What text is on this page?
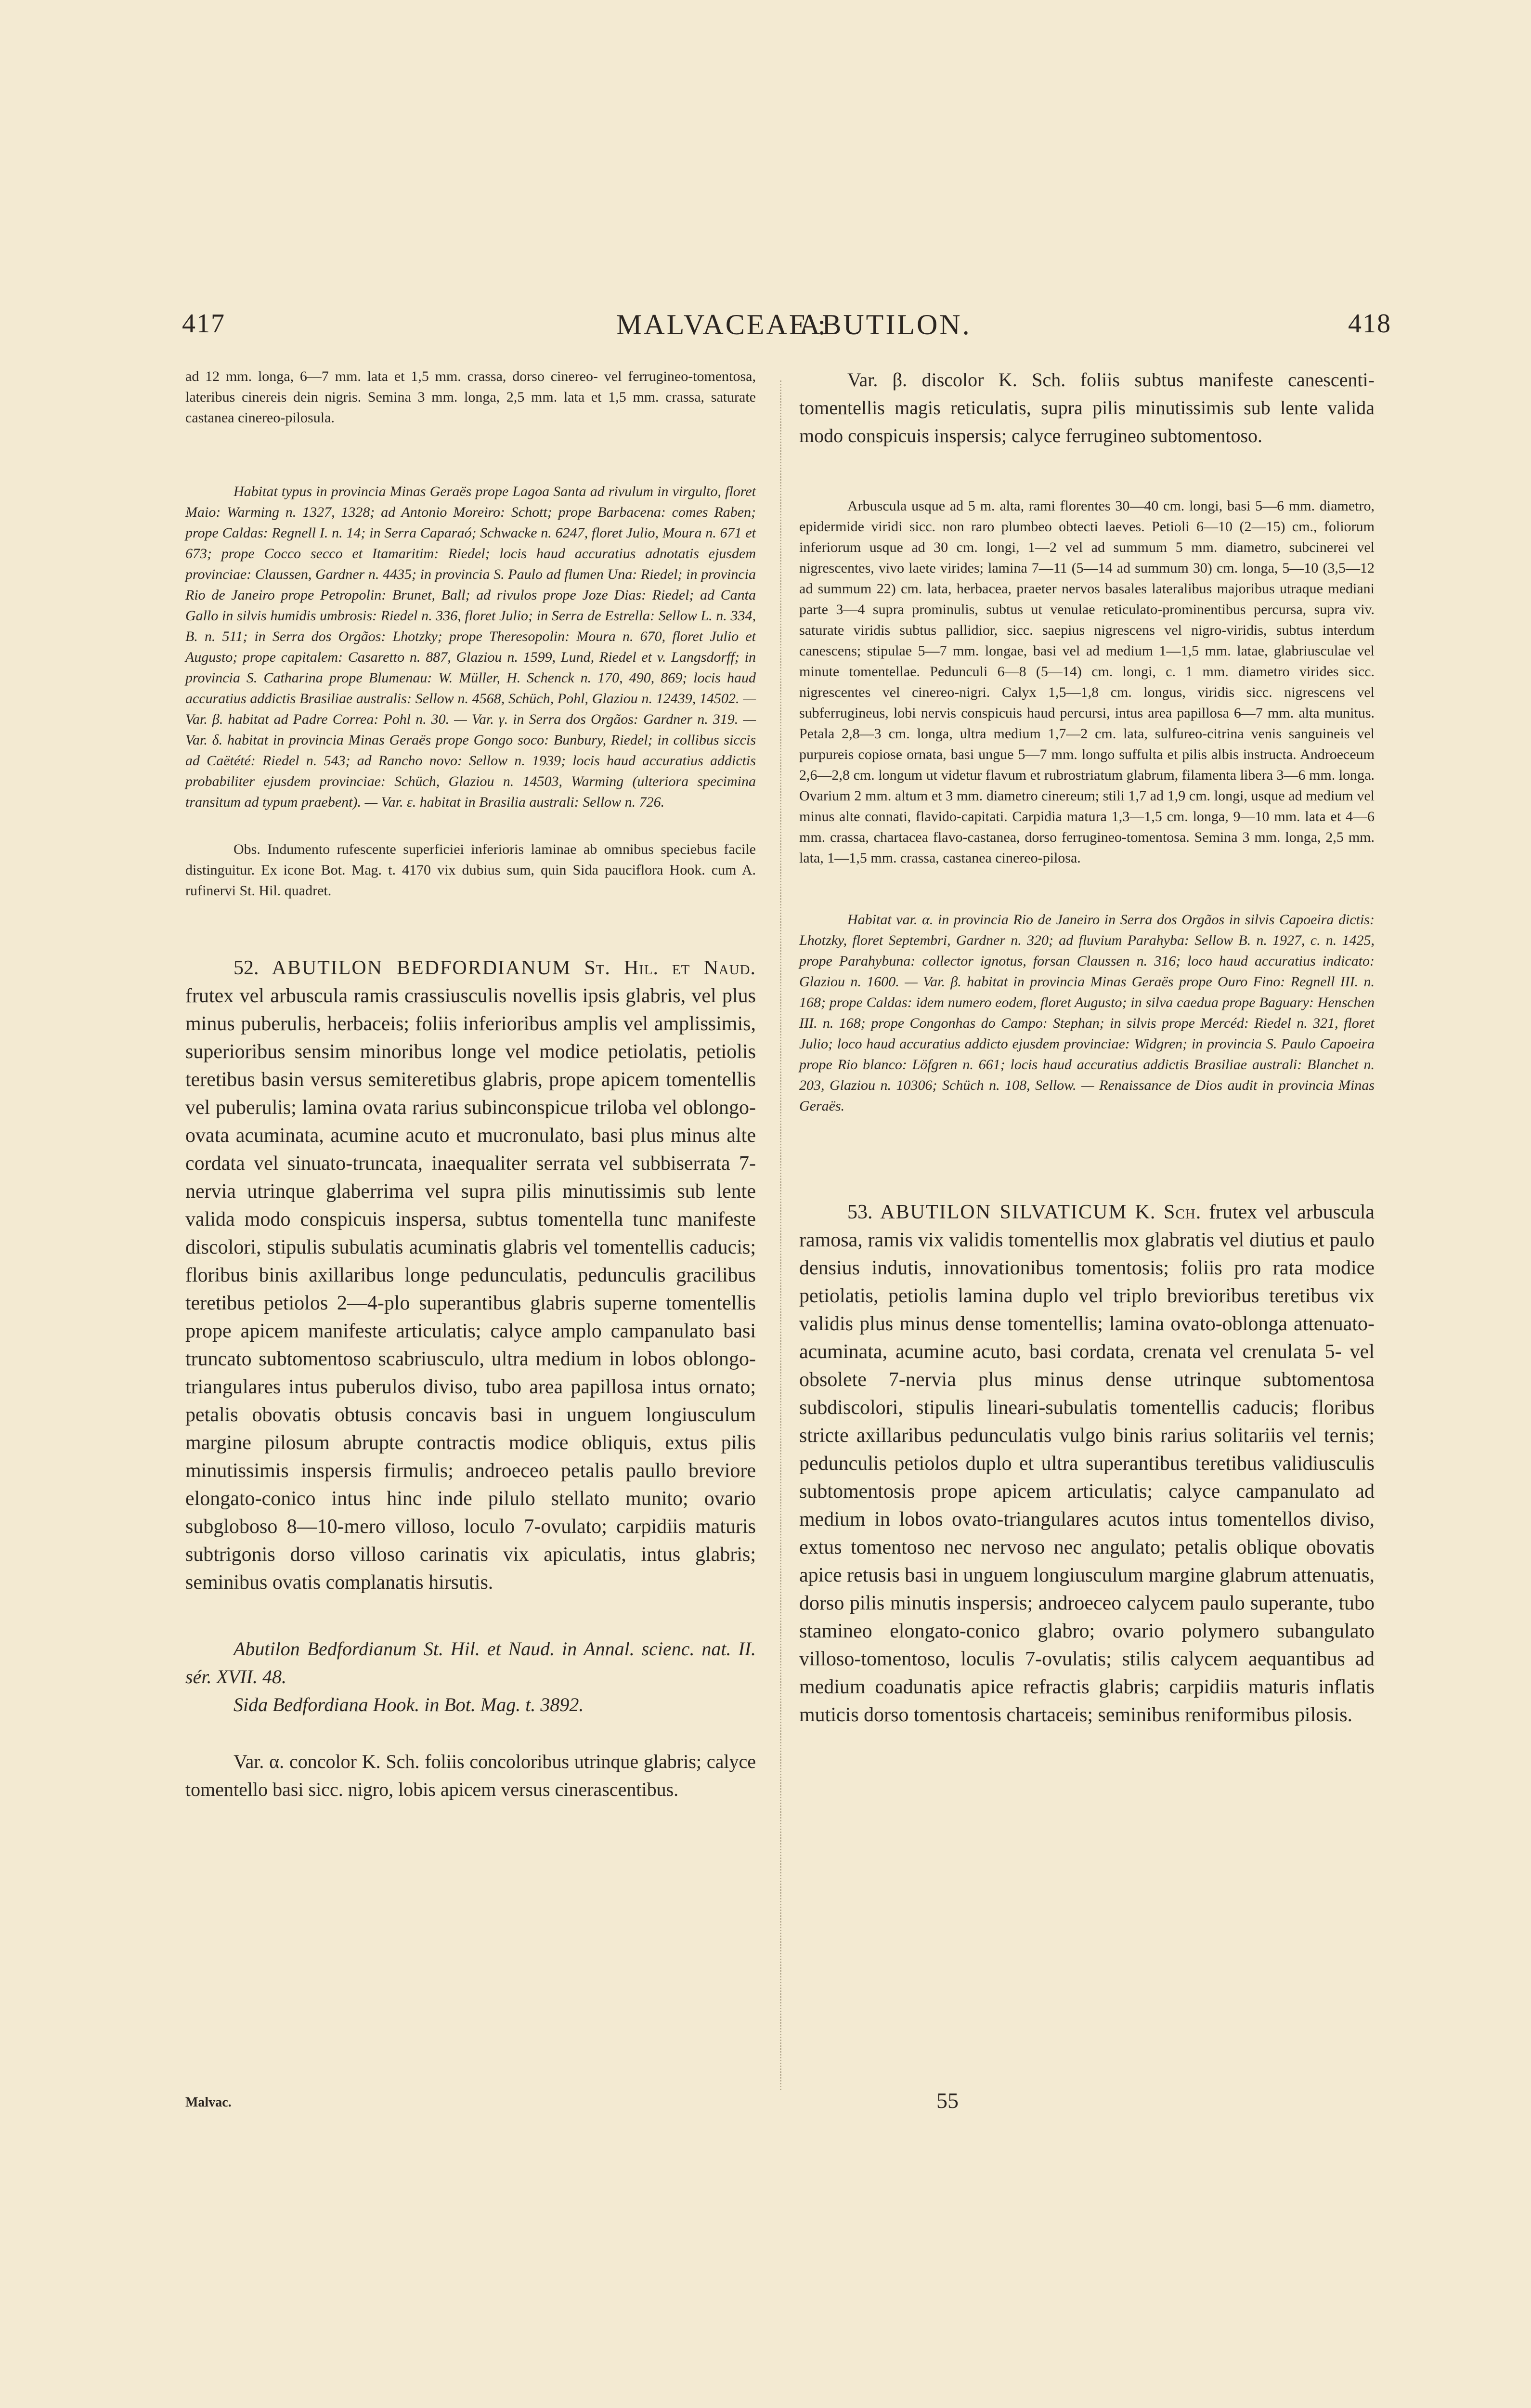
417	MALVACEAE :
ABUTILON.	418

ad 12 mm. longa, 6—7 mm. lata et 1,5 mm. crassa, dorso cinereo- vel ferrugineo-tomentosa, lateribus cinereis dein nigris. Semina 3 mm. longa, 2,5 mm. lata et 1,5 mm. crassa, saturate castanea cinereo-pilosula.

Habitat typus in provincia Minas Geraës prope Lagoa Santa ad rivulum in virgulto, floret Maio: Warming n. 1327, 1328; ad Antonio Moreiro: Schott; prope Barbacena: comes Raben; prope Caldas: Regnell I. n. 14; in Serra Caparaó; Schwacke n. 6247, floret Julio, Moura n. 671 et 673; prope Cocco secco et Itamaritim: Riedel; locis haud accuratius adnotatis ejusdem provinciae: Claussen, Gardner n. 4435; in provincia S. Paulo ad flumen Una: Riedel; in provincia Rio de Janeiro prope Petropolin: Brunet, Ball; ad rivulos prope Joze Dias: Riedel; ad Canta Gallo in silvis humidis umbrosis: Riedel n. 336, floret Julio; in Serra de Estrella: Sellow L. n. 334, B. n. 511; in Serra dos Orgãos: Lhotzky; prope Theresopolin: Moura n. 670, floret Julio et Augusto; prope capitalem: Casaretto n. 887, Glaziou n. 1599, Lund, Riedel et v. Langsdorff; in provincia S. Catharina prope Blumenau: W. Müller, H. Schenck n. 170, 490, 869; locis haud accuratius addictis Brasiliae australis: Sellow n. 4568, Schüch, Pohl, Glaziou n. 12439, 14502. — Var. β. habitat ad Padre Correa: Pohl n. 30. — Var. γ. in Serra dos Orgãos: Gardner n. 319. — Var. δ. habitat in provincia Minas Geraës prope Gongo soco: Bunbury, Riedel; in collibus siccis ad Caëtété: Riedel n. 543; ad Rancho novo: Sellow n. 1939; locis haud accuratius addictis probabiliter ejusdem provinciae: Schüch, Glaziou n. 14503, Warming (ulteriora specimina transitum ad typum praebent). — Var. ε. habitat in Brasilia australi: Sellow n. 726.

Obs. Indumento rufescente superficiei inferioris laminae ab omnibus speciebus facile distinguitur. Ex icone Bot. Mag. t. 4170 vix dubius sum, quin Sida pauciflora Hook. cum A. rufinervi St. Hil. quadret.

52. ABUTILON BEDFORDIANUM St. Hil. et Naud. frutex vel arbuscula ramis crassiusculis novellis ipsis glabris, vel plus minus puberulis, herbaceis; foliis inferioribus amplis vel amplissimis, superioribus sensim minoribus longe vel modice petiolatis, petiolis teretibus basin versus semiteretibus glabris, prope apicem tomentellis vel puberulis; lamina ovata rarius subinconspicue triloba vel oblongo-ovata acuminata, acumine acuto et mucronulato, basi plus minus alte cordata vel sinuato-truncata, inaequaliter serrata vel subbiserrata 7-nervia utrinque glaberrima vel supra pilis minutissimis sub lente valida modo conspicuis inspersa, subtus tomentella tunc manifeste discolori, stipulis subulatis acuminatis glabris vel tomentellis caducis; floribus binis axillaribus longe pedunculatis, pedunculis gracilibus teretibus petiolos 2—4-plo superantibus glabris superne tomentellis prope apicem manifeste articulatis; calyce amplo campanulato basi truncato subtomentoso scabriusculo, ultra medium in lobos oblongo-triangulares intus puberulos diviso, tubo area papillosa intus ornato; petalis obovatis obtusis concavis basi in unguem longiusculum margine pilosum abrupte contractis modice obliquis, extus pilis minutissimis inspersis firmulis; androeceo petalis paullo breviore elongato-conico intus hinc inde pilulo stellato munito; ovario subgloboso 8—10-mero villoso, loculo 7-ovulato; carpidiis maturis subtrigonis dorso villoso carinatis vix apiculatis, intus glabris; seminibus ovatis complanatis hirsutis.

Abutilon Bedfordianum St. Hil. et Naud. in Annal. scienc. nat. II. sér. XVII. 48.

Sida Bedfordiana Hook. in Bot. Mag. t. 3892.

Var. α. concolor K. Sch. foliis concoloribus utrinque glabris; calyce tomentello basi sicc. nigro, lobis apicem versus cinerascentibus.

Var. β. discolor K. Sch. foliis subtus manifeste canescenti-tomentellis magis reticulatis, supra pilis minutissimis sub lente valida modo conspicuis inspersis; calyce ferrugineo subtomentoso.

Arbuscula usque ad 5 m. alta, rami florentes 30—40 cm. longi, basi 5—6 mm. diametro, epidermide viridi sicc. non raro plumbeo obtecti laeves. Petioli 6—10 (2—15) cm., foliorum inferiorum usque ad 30 cm. longi, 1—2 vel ad summum 5 mm. diametro, subcinerei vel nigrescentes, vivo laete virides; lamina 7—11 (5—14 ad summum 30) cm. longa, 5—10 (3,5—12 ad summum 22) cm. lata, herbacea, praeter nervos basales lateralibus majoribus utraque mediani parte 3—4 supra prominulis, subtus ut venulae reticulato-prominentibus percursa, supra viv. saturate viridis subtus pallidior, sicc. saepius nigrescens vel nigro-viridis, subtus interdum canescens; stipulae 5—7 mm. longae, basi vel ad medium 1—1,5 mm. latae, glabriusculae vel minute tomentellae. Pedunculi 6—8 (5—14) cm. longi, c. 1 mm. diametro virides sicc. nigrescentes vel cinereo-nigri. Calyx 1,5—1,8 cm. longus, viridis sicc. nigrescens vel subferrugineus, lobi nervis conspicuis haud percursi, intus area papillosa 6—7 mm. alta munitus. Petala 2,8—3 cm. longa, ultra medium 1,7—2 cm. lata, sulfureo-citrina venis sanguineis vel purpureis copiose ornata, basi ungue 5—7 mm. longo suffulta et pilis albis instructa. Androeceum 2,6—2,8 cm. longum ut videtur flavum et rubrostriatum glabrum, filamenta libera 3—6 mm. longa. Ovarium 2 mm. altum et 3 mm. diametro cinereum; stili 1,7 ad 1,9 cm. longi, usque ad medium vel minus alte connati, flavido-capitati. Carpidia matura 1,3—1,5 cm. longa, 9—10 mm. lata et 4—6 mm. crassa, chartacea flavo-castanea, dorso ferrugineo-tomentosa. Semina 3 mm. longa, 2,5 mm. lata, 1—1,5 mm. crassa, castanea cinereo-pilosa.

Habitat var. α. in provincia Rio de Janeiro in Serra dos Orgãos in silvis Capoeira dictis: Lhotzky, floret Septembri, Gardner n. 320; ad fluvium Parahyba: Sellow B. n. 1927, c. n. 1425, prope Parahybuna: collector ignotus, forsan Claussen n. 316; loco haud accuratius indicato: Glaziou n. 1600. — Var. β. habitat in provincia Minas Geraës prope Ouro Fino: Regnell III. n. 168; prope Caldas: idem numero eodem, floret Augusto; in silva caedua prope Baguary: Henschen III. n. 168; prope Congonhas do Campo: Stephan; in silvis prope Mercéd: Riedel n. 321, floret Julio; loco haud accuratius addicto ejusdem provinciae: Widgren; in provincia S. Paulo Capoeira prope Rio blanco: Löfgren n. 661; locis haud accuratius addictis Brasiliae australi: Blanchet n. 203, Glaziou n. 10306; Schüch n. 108, Sellow. — Renaissance de Dios audit in provincia Minas Geraës.

53. ABUTILON SILVATICUM K. Sch. frutex vel arbuscula ramosa, ramis vix validis tomentellis mox glabratis vel diutius et paulo densius indutis, innovationibus tomentosis; foliis pro rata modice petiolatis, petiolis lamina duplo vel triplo brevioribus teretibus vix validis plus minus dense tomentellis; lamina ovato-oblonga attenuato-acuminata, acumine acuto, basi cordata, crenata vel crenulata 5- vel obsolete 7-nervia plus minus dense utrinque subtomentosa subdiscolori, stipulis lineari-subulatis tomentellis caducis; floribus stricte axillaribus pedunculatis vulgo binis rarius solitariis vel ternis; pedunculis petiolos duplo et ultra superantibus teretibus validiusculis subtomentosis prope apicem articulatis; calyce campanulato ad medium in lobos ovato-triangulares acutos intus tomentellos diviso, extus tomentoso nec nervoso nec angulato; petalis oblique obovatis apice retusis basi in unguem longiusculum margine glabrum attenuatis, dorso pilis minutis inspersis; androeceo calycem paulo superante, tubo stamineo elongato-conico glabro; ovario polymero subangulato villoso-tomentoso, loculis 7-ovulatis; stilis calycem aequantibus ad medium coadunatis apice refractis glabris; carpidiis maturis inflatis muticis dorso tomentosis chartaceis; seminibus reniformibus pilosis.

Malvac.	55
